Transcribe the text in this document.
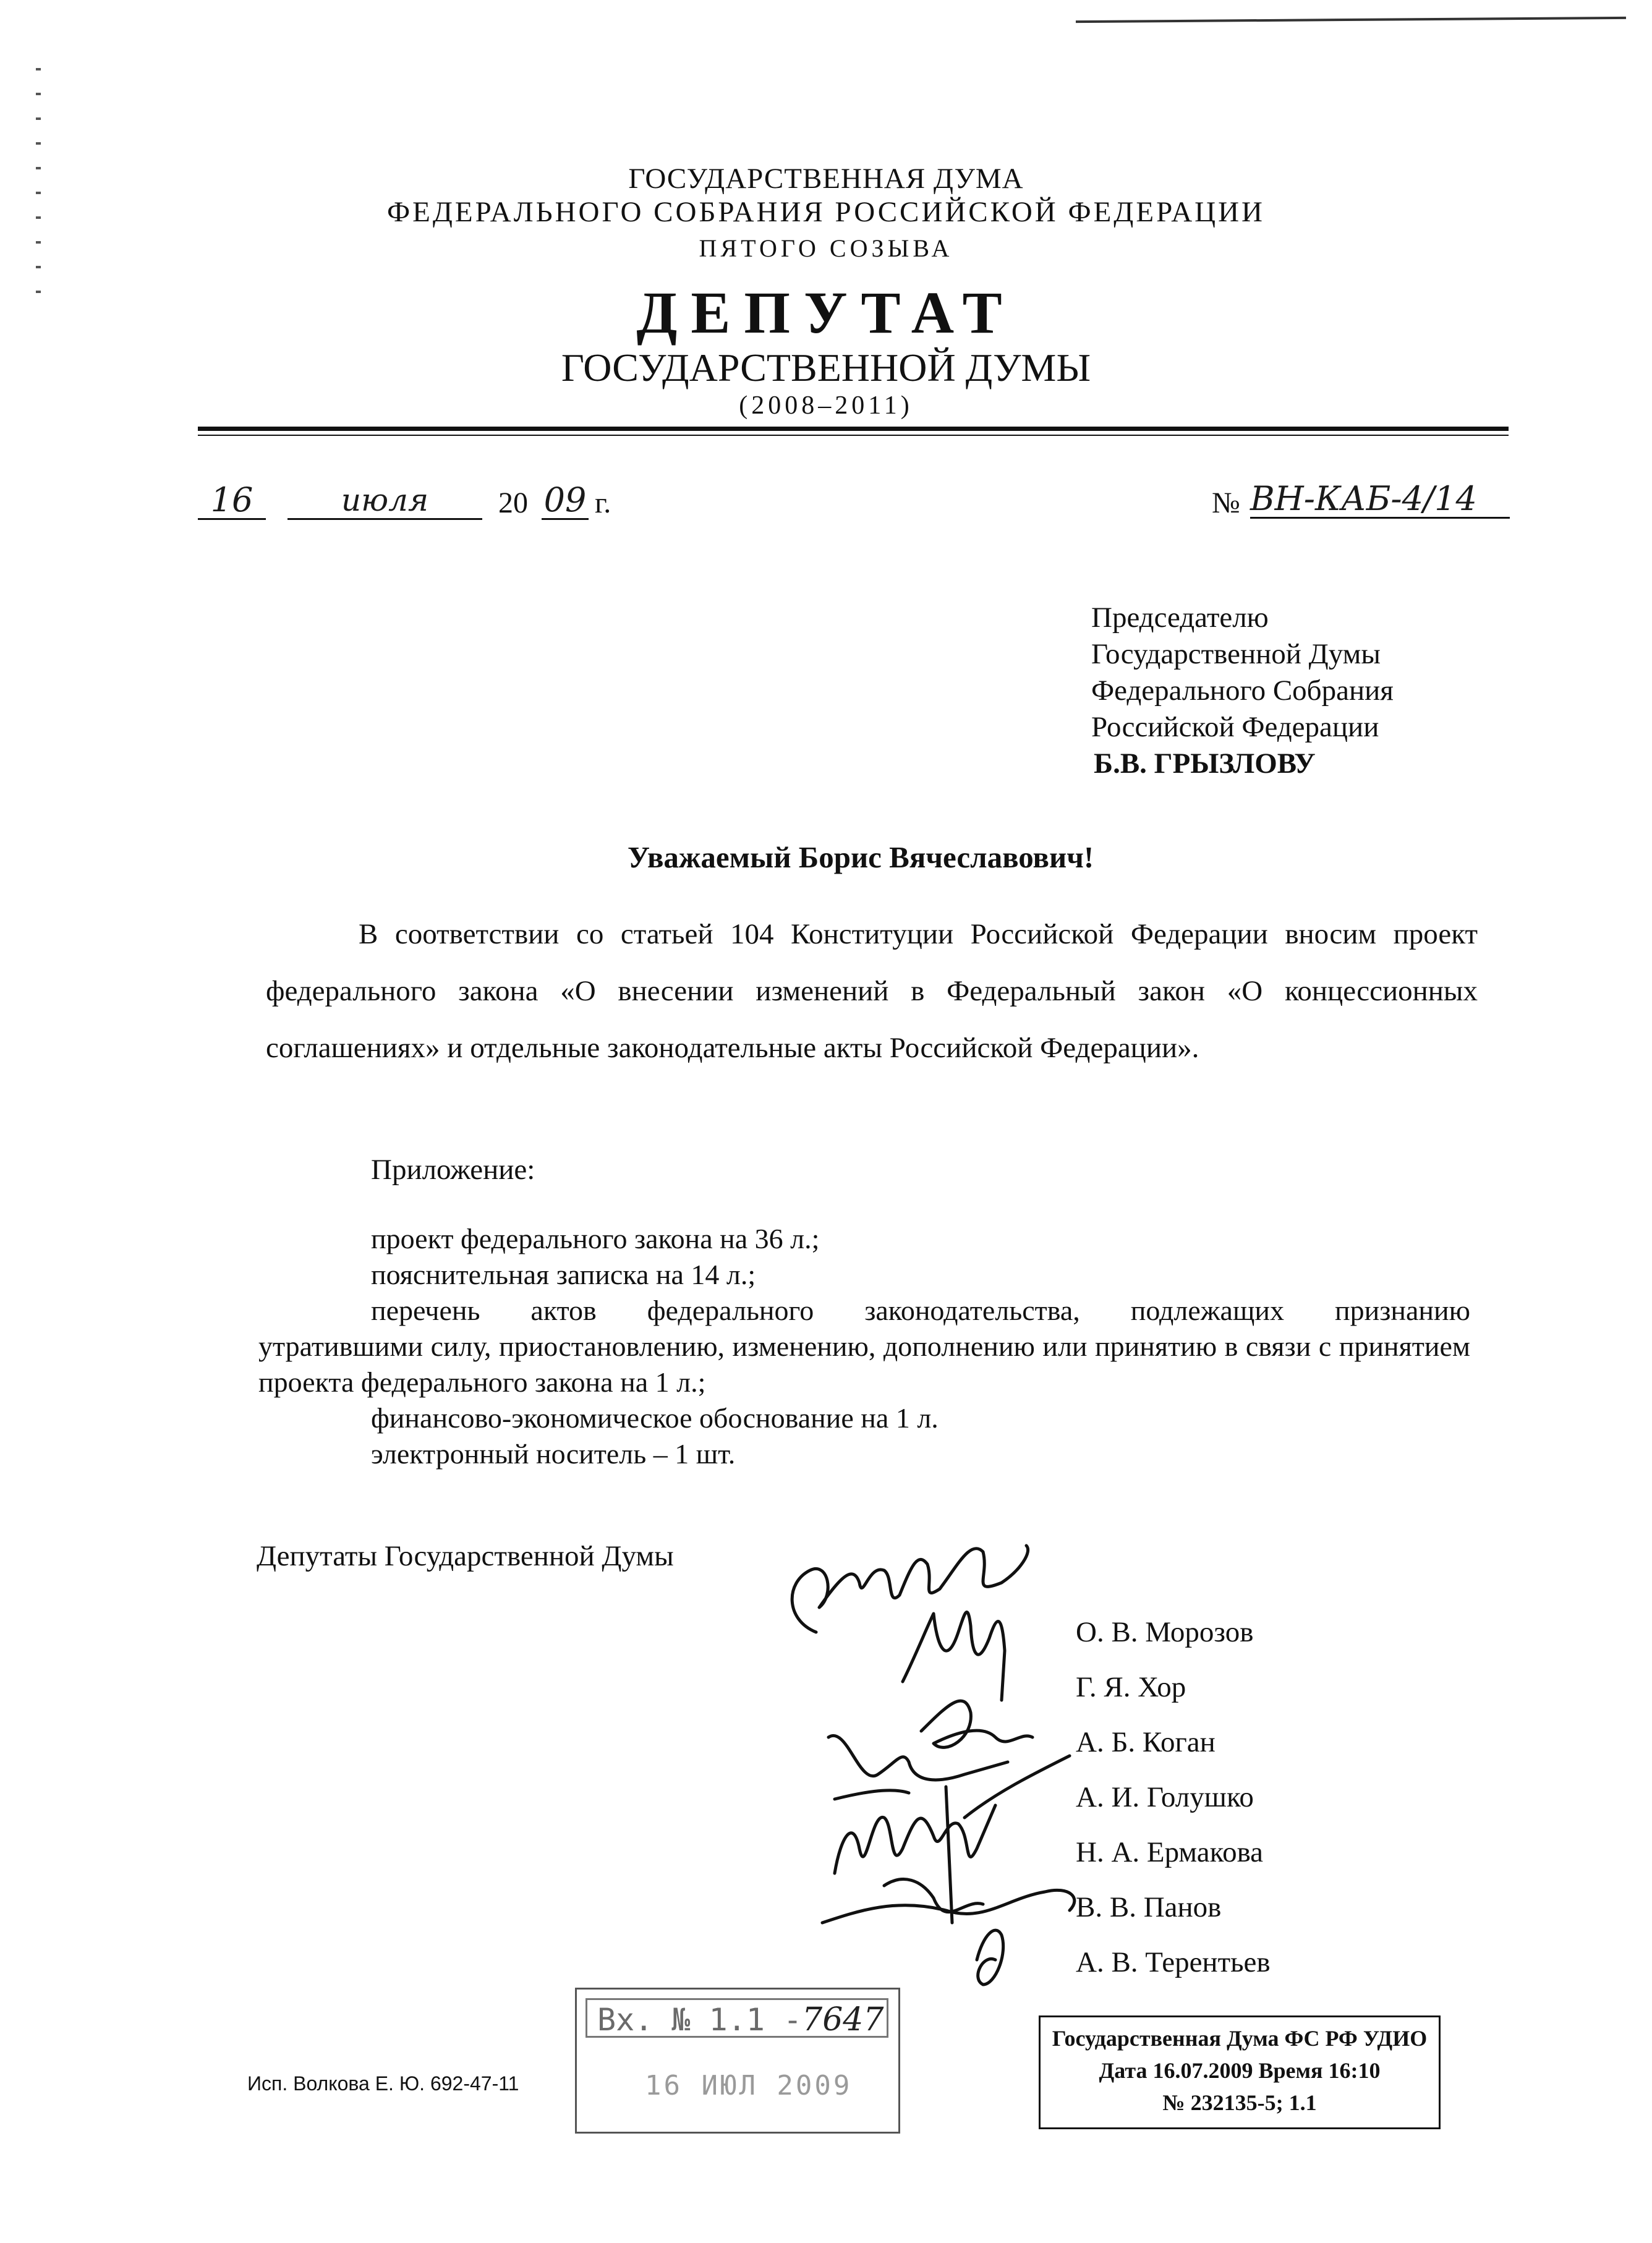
ГОСУДАРСТВЕННАЯ ДУМА
ФЕДЕРАЛЬНОГО СОБРАНИЯ РОССИЙСКОЙ ФЕДЕРАЦИИ
ПЯТОГО СОЗЫВА
ДЕПУТАТ
ГОСУДАРСТВЕННОЙ ДУМЫ
(2008–2011)
16	июля	20 09 г.	№ ВН-КАБ-4/14
Председателю
Государственной Думы
Федерального Собрания
Российской Федерации
Б.В. ГРЫЗЛОВУ
Уважаемый Борис Вячеславович!
В соответствии со статьей 104 Конституции Российской Федерации вносим проект федерального закона «О внесении изменений в Федеральный закон «О концессионных соглашениях» и отдельные законодательные акты Российской Федерации».
Приложение:
проект федерального закона на 36 л.;
пояснительная записка на 14 л.;
перечень актов федерального законодательства, подлежащих признанию
утратившими силу, приостановлению, изменению, дополнению или принятию в связи с принятием проекта федерального закона на 1 л.;
финансово-экономическое обоснование на 1 л.
электронный носитель – 1 шт.
Депутаты Государственной Думы
О. В. Морозов
Г. Я. Хор
А. Б. Коган
А. И. Голушко
Н. А. Ермакова
В. В. Панов
А. В. Терентьев
Вх. № 1.1 -7647
16 ИЮЛ 2009
Исп. Волкова Е. Ю. 692-47-11
Государственная Дума ФС РФ УДИО
Дата 16.07.2009 Время 16:10
№ 232135-5; 1.1
